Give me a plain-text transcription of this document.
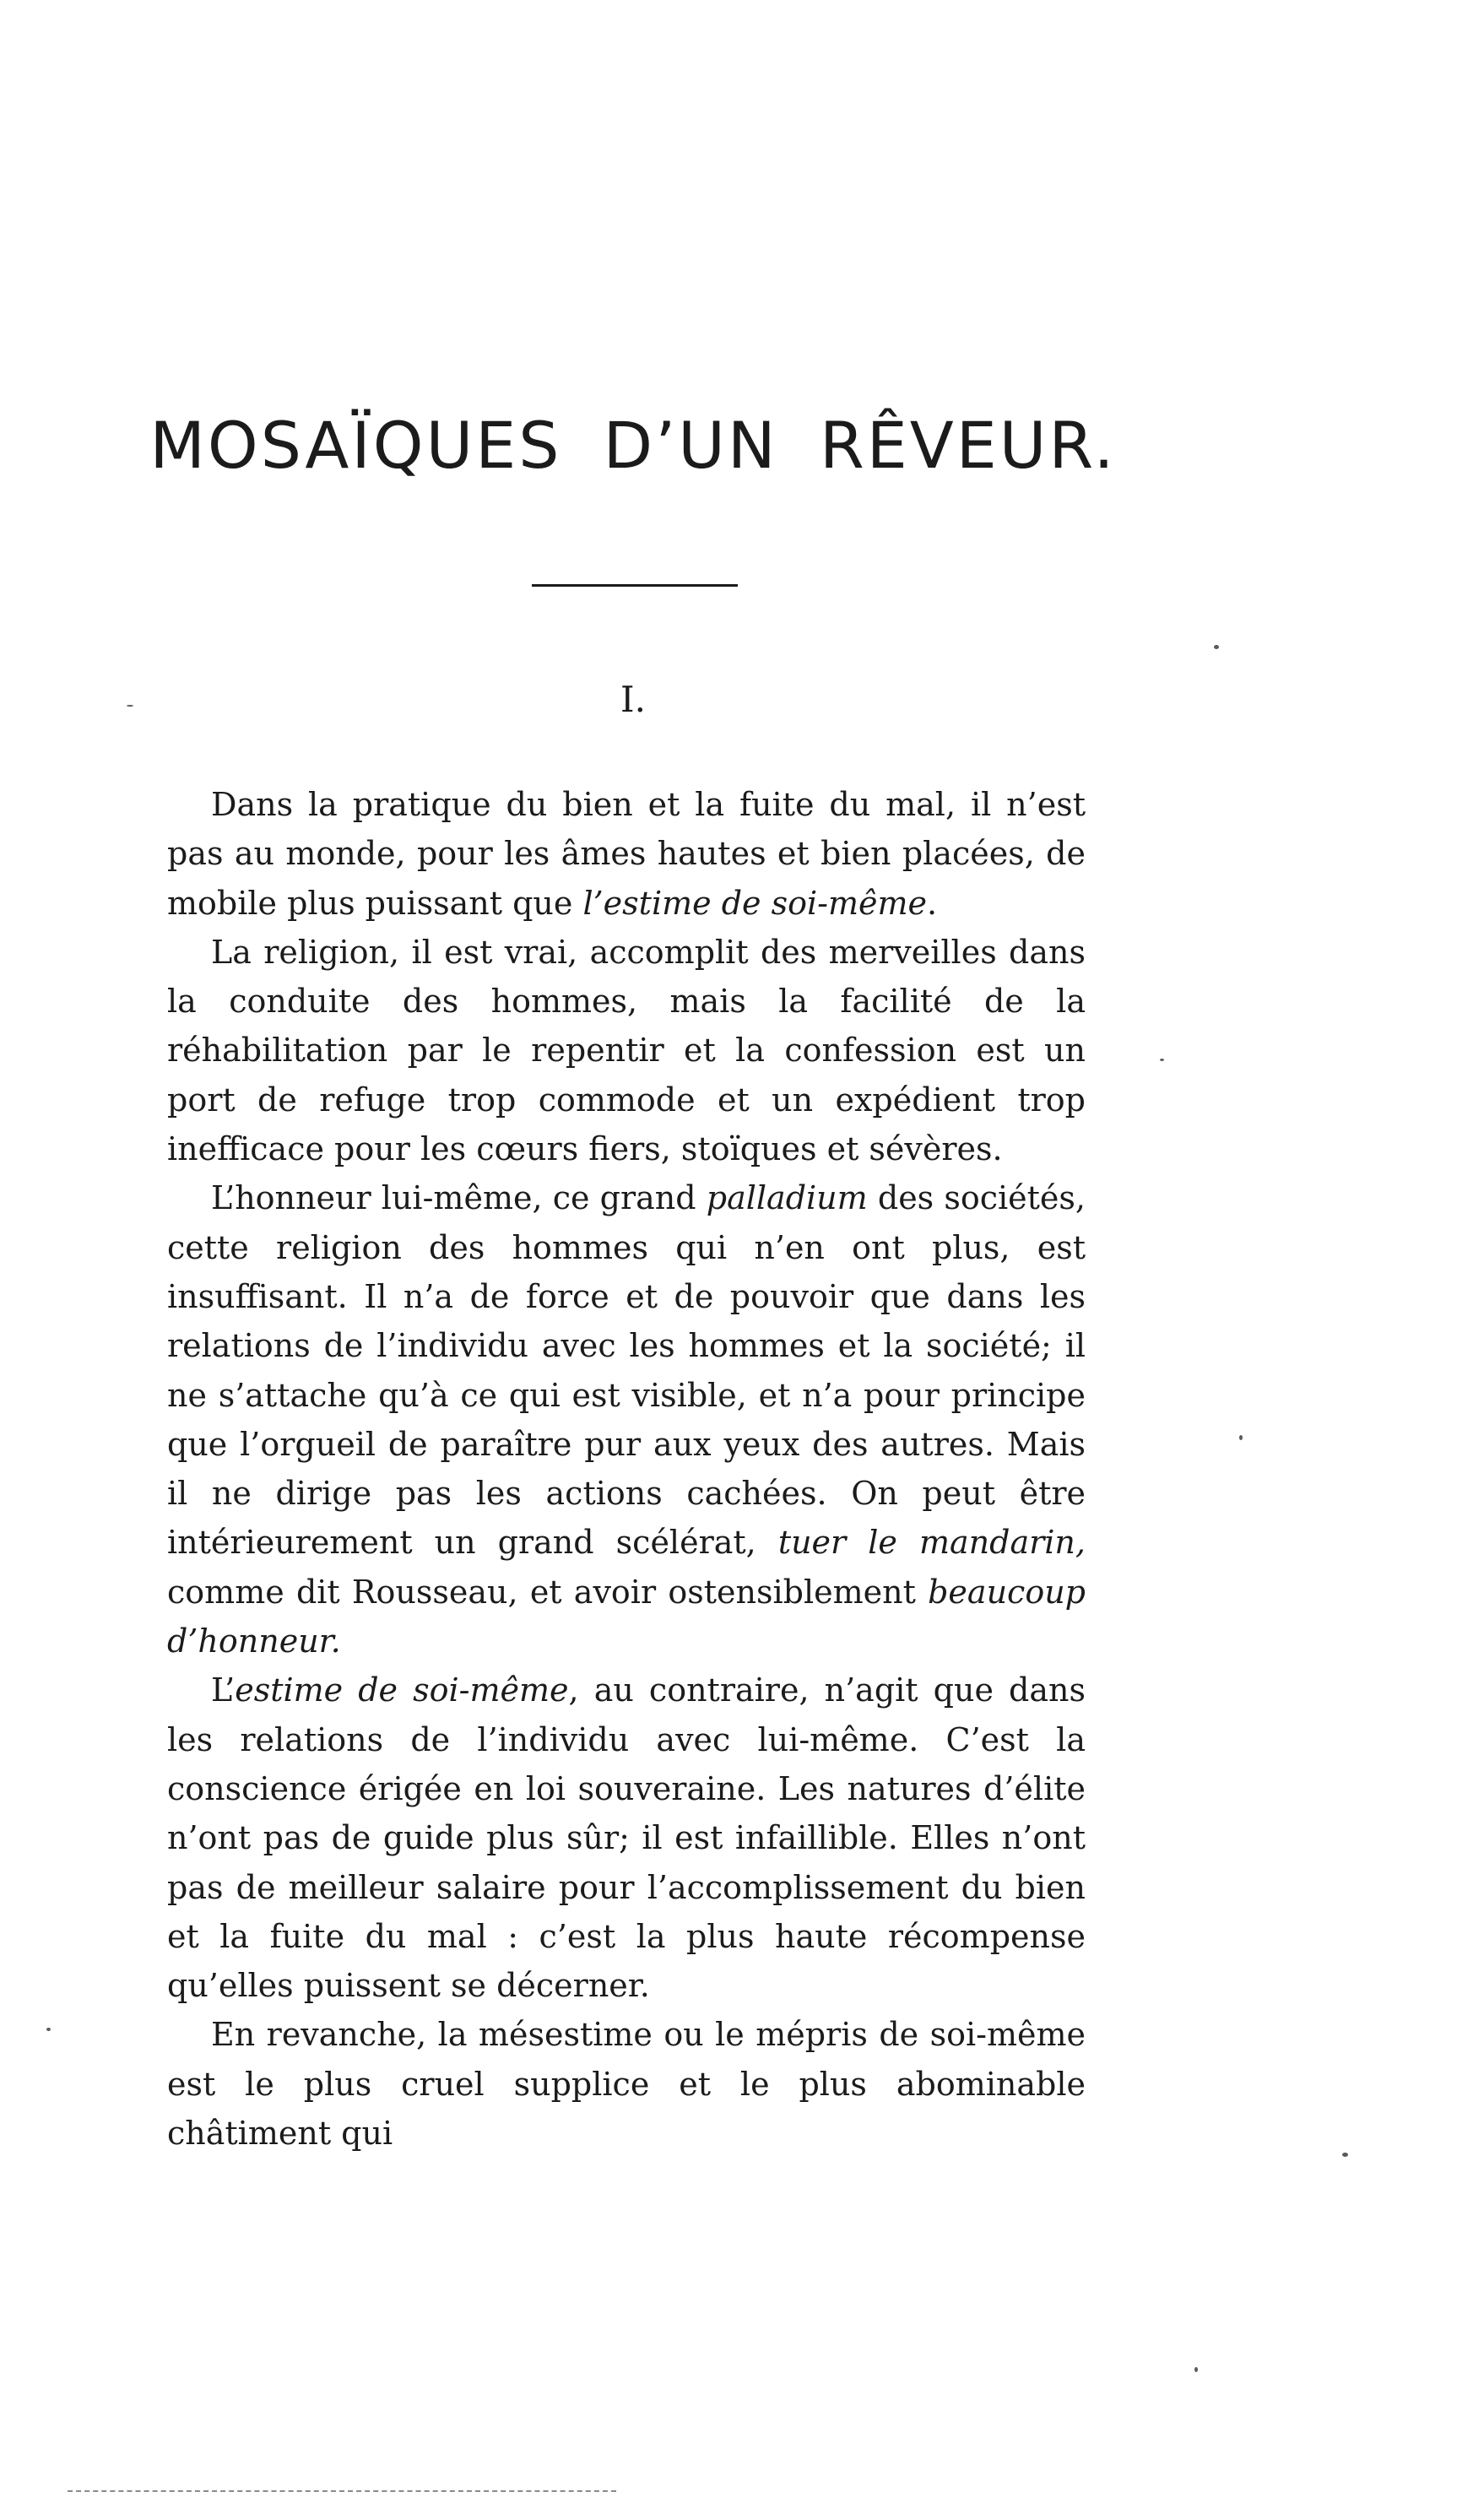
MOSAÏQUES D’UN RÊVEUR.
I.

Dans la pratique du bien et la fuite du mal, il n’est pas au monde, pour les âmes hautes et bien placées, de mobile plus puissant que l’estime de soi-même.

La religion, il est vrai, accomplit des merveilles dans la conduite des hommes, mais la facilité de la réhabilitation par le repentir et la confession est un port de refuge trop commode et un expédient trop inefficace pour les cœurs fiers, stoïques et sévères.

L’honneur lui-même, ce grand palladium des sociétés, cette religion des hommes qui n’en ont plus, est insuffisant. Il n’a de force et de pouvoir que dans les relations de l’individu avec les hommes et la société; il ne s’attache qu’à ce qui est visible, et n’a pour principe que l’orgueil de paraître pur aux yeux des autres. Mais il ne dirige pas les actions cachées. On peut être intérieurement un grand scélérat, tuer le mandarin, comme dit Rousseau, et avoir ostensiblement beaucoup d’honneur.

L’estime de soi-même, au contraire, n’agit que dans les relations de l’individu avec lui-même. C’est la conscience érigée en loi souveraine. Les natures d’élite n’ont pas de guide plus sûr; il est infaillible. Elles n’ont pas de meilleur salaire pour l’accomplissement du bien et la fuite du mal : c’est la plus haute récompense qu’elles puissent se décerner.

En revanche, la mésestime ou le mépris de soi-même est le plus cruel supplice et le plus abominable châtiment qui
